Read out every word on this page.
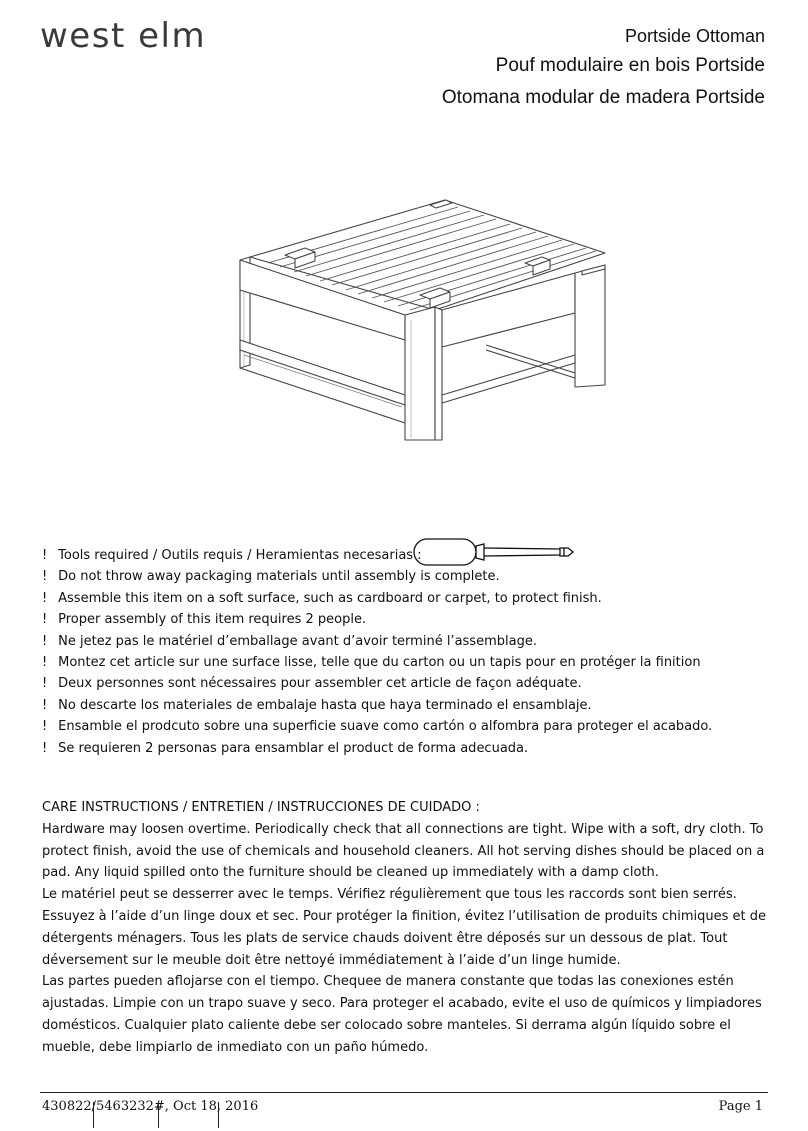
west elm	Portside Ottoman
Pouf modulaire en bois Portside
Otomana modular de madera Portside
! Tools required / Outils requis / Heramientas necesarias :
! Do not throw away packaging materials until assembly is complete.
! Assemble this item on a soft surface, such as cardboard or carpet, to protect finish.
! Proper assembly of this item requires 2 people.
! Ne jetez pas le matériel d’emballage avant d’avoir terminé l’assemblage.
! Montez cet article sur une surface lisse, telle que du carton ou un tapis pour en protéger la finition
! Deux personnes sont nécessaires pour assembler cet article de façon adéquate.
! No descarte los materiales de embalaje hasta que haya terminado el ensamblaje.
! Ensamble el prodcuto sobre una superficie suave como cartón o alfombra para proteger el acabado.
! Se requieren 2 personas para ensamblar el product de forma adecuada.

CARE INSTRUCTIONS / ENTRETIEN / INSTRUCCIONES DE CUIDADO :

Hardware may loosen overtime. Periodically check that all connections are tight. Wipe with a soft, dry cloth. To protect finish, avoid the use of chemicals and household cleaners. All hot serving dishes should be placed on a pad. Any liquid spilled onto the furniture should be cleaned up immediately with a damp cloth.

Le matériel peut se desserrer avec le temps. Vérifiez régulièrement que tous les raccords sont bien serrés. Essuyez à l’aide d’un linge doux et sec. Pour protéger la finition, évitez l’utilisation de produits chimiques et de détergents ménagers. Tous les plats de service chauds doivent être déposés sur un dessous de plat. Tout déversement sur le meuble doit être nettoyé immédiatement à l’aide d’un linge humide.

Las partes pueden aflojarse con el tiempo. Chequee de manera constante que todas las conexiones estén ajustadas. Limpie con un trapo suave y seco. Para proteger el acabado, evite el uso de químicos y limpiadores domésticos. Cualquier plato caliente debe ser colocado sobre manteles. Si derrama algún líquido sobre el mueble, debe limpiarlo de inmediato con un paño húmedo.

430822/5463232#, Oct 18, 2016	Page 1
